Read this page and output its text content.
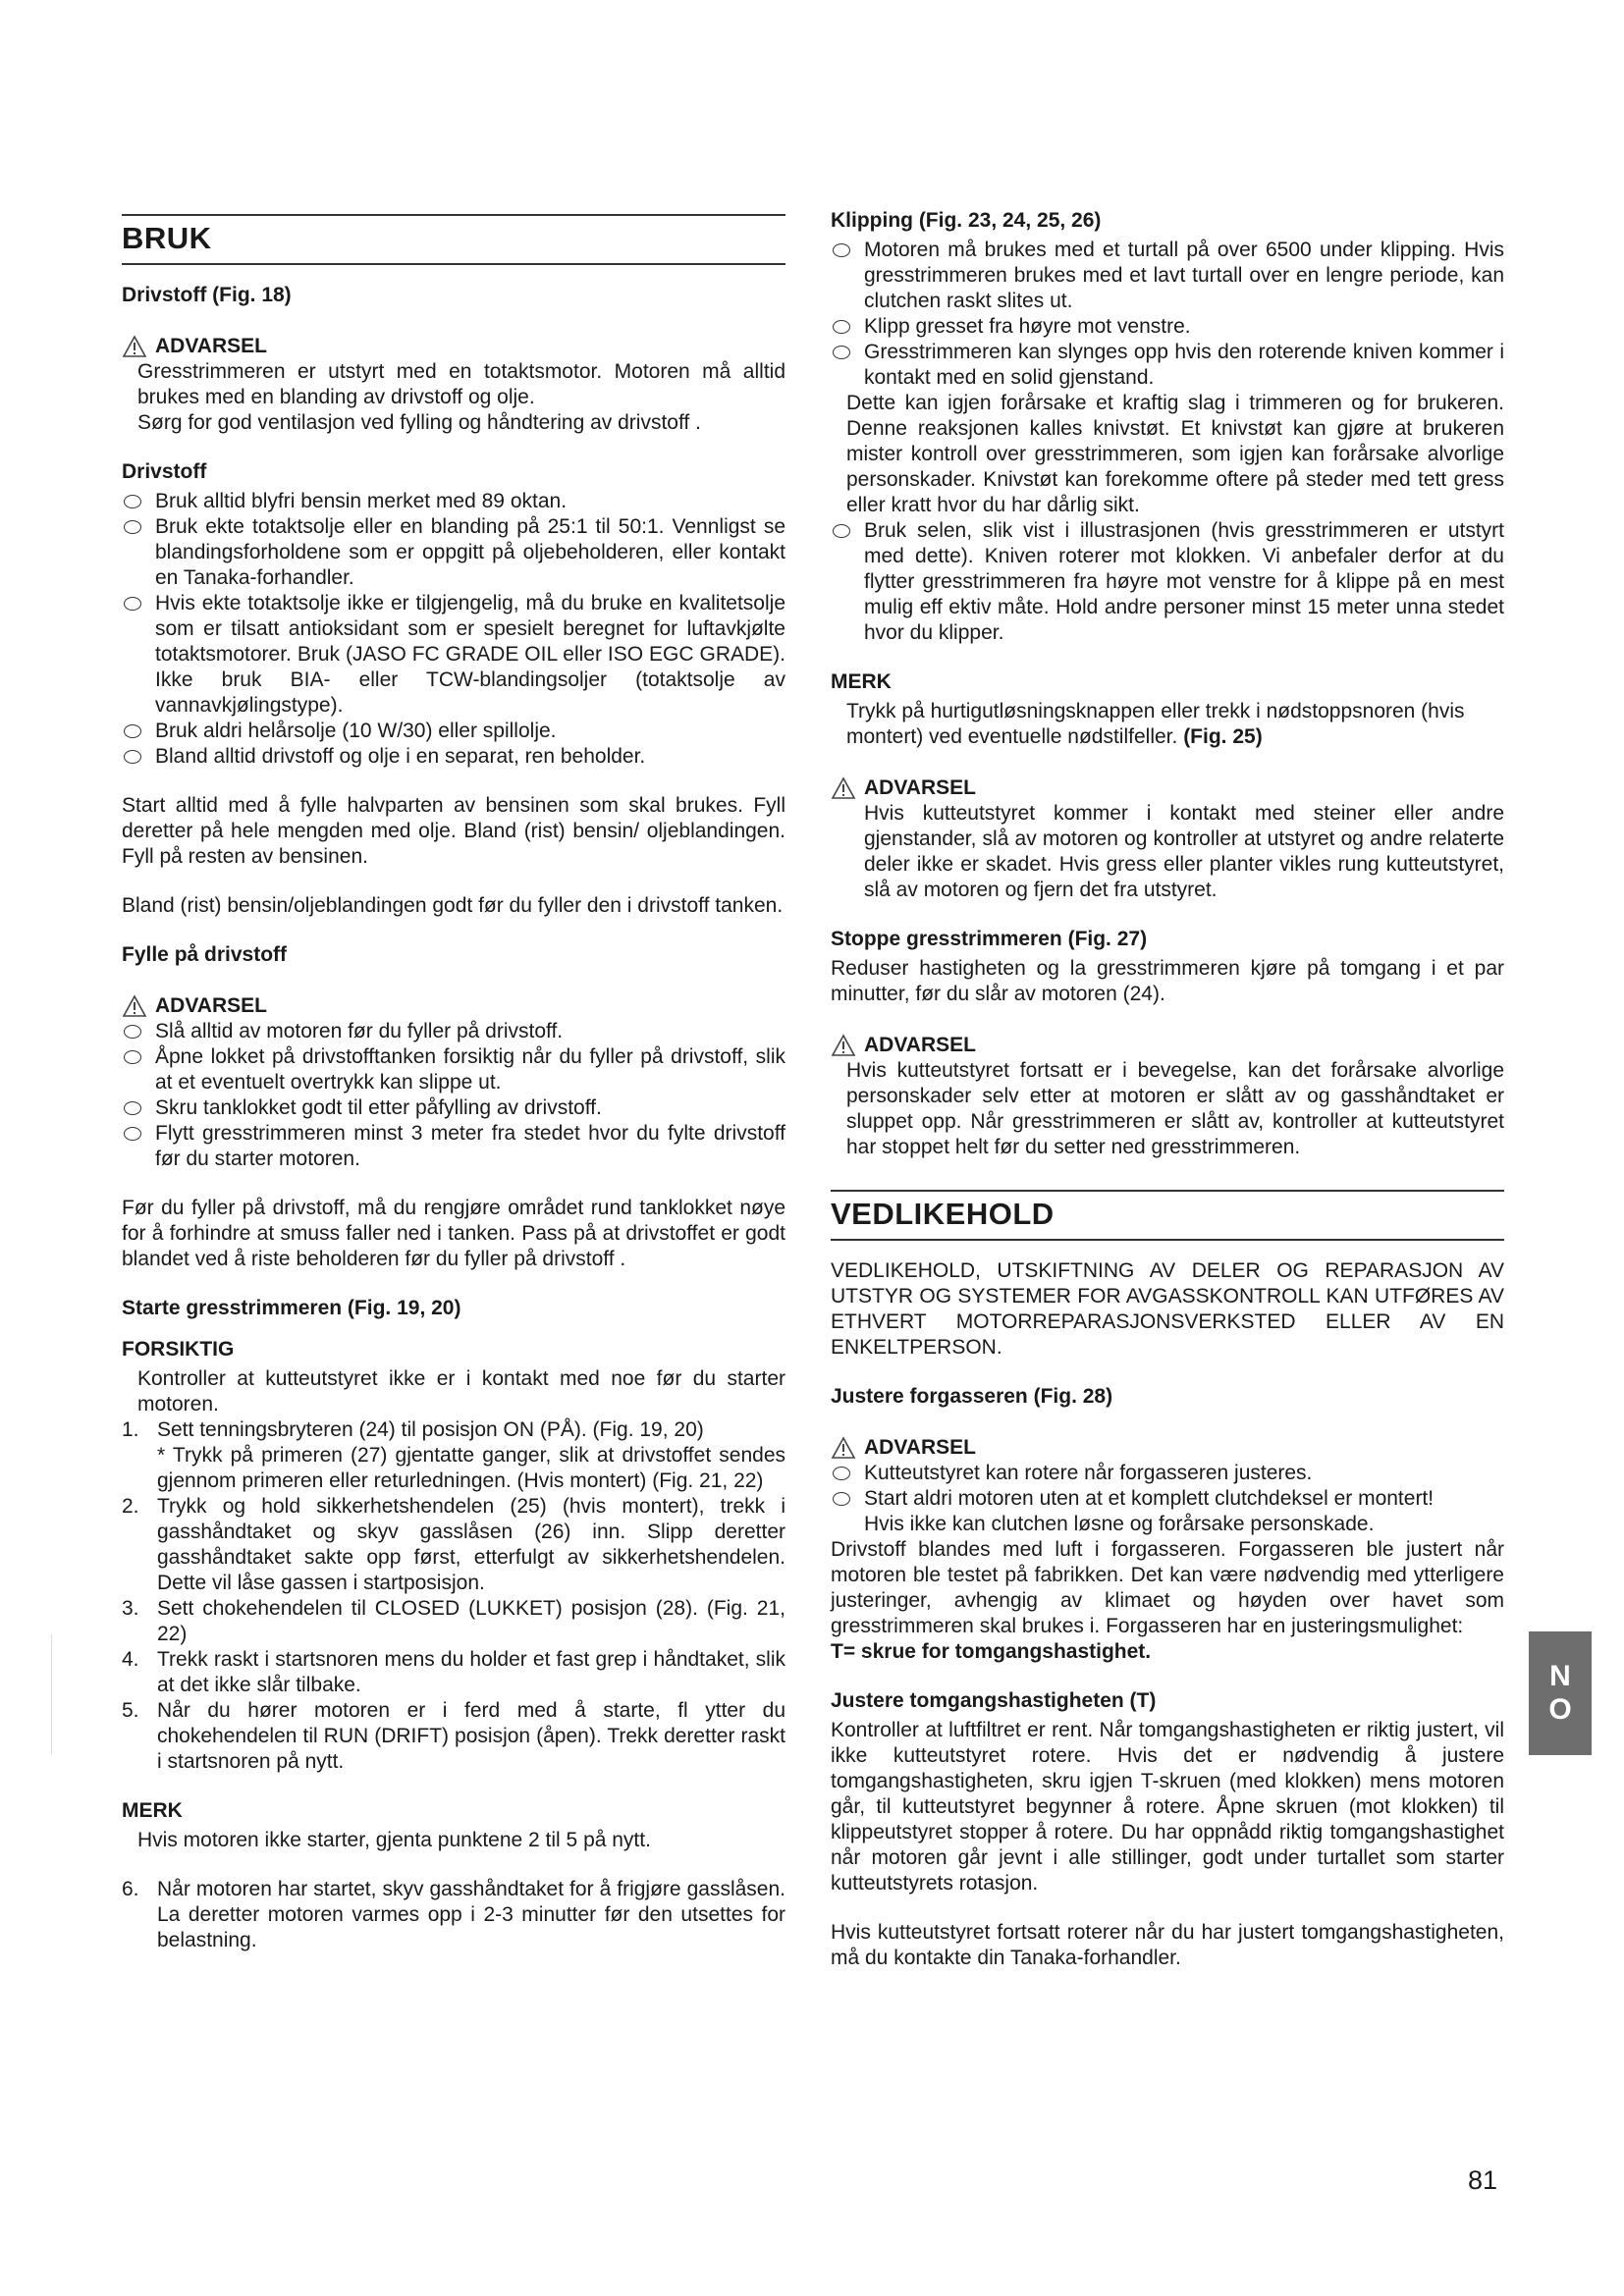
BRUK
Drivstoff (Fig. 18)
ADVARSEL

Gresstrimmeren er utstyrt med en totaktsmotor. Motoren må alltid brukes med en blanding av drivstoff og olje.

Sørg for god ventilasjon ved fylling og håndtering av drivstoff .

Drivstoff
Bruk alltid blyfri bensin merket med 89 oktan.
Bruk ekte totaktsolje eller en blanding på 25:1 til 50:1. Vennligst se blandingsforholdene som er oppgitt på oljebeholderen, eller kontakt en Tanaka-forhandler.
Hvis ekte totaktsolje ikke er tilgjengelig, må du bruke en kvalitetsolje som er tilsatt antioksidant som er spesielt beregnet for luftavkjølte totaktsmotorer. Bruk (JASO FC GRADE OIL eller ISO EGC GRADE). Ikke bruk BIA- eller TCW-blandingsoljer (totaktsolje av vannavkjølingstype).
Bruk aldri helårsolje (10 W/30) eller spillolje.
Bland alltid drivstoff og olje i en separat, ren beholder.

Start alltid med å fylle halvparten av bensinen som skal brukes. Fyll deretter på hele mengden med olje. Bland (rist) bensin/ oljeblandingen. Fyll på resten av bensinen.

Bland (rist) bensin/oljeblandingen godt før du fyller den i drivstoff tanken.

Fylle på drivstoff
ADVARSEL
Slå alltid av motoren før du fyller på drivstoff.
Åpne lokket på drivstofftanken forsiktig når du fyller på drivstoff, slik at et eventuelt overtrykk kan slippe ut.
Skru tanklokket godt til etter påfylling av drivstoff.
Flytt gresstrimmeren minst 3 meter fra stedet hvor du fylte drivstoff før du starter motoren.

Før du fyller på drivstoff, må du rengjøre området rund tanklokket nøye for å forhindre at smuss faller ned i tanken. Pass på at drivstoffet er godt blandet ved å riste beholderen før du fyller på drivstoff .

Starte gresstrimmeren (Fig. 19, 20)
FORSIKTIG

Kontroller at kutteutstyret ikke er i kontakt med noe før du starter motoren.

1. Sett tenningsbryteren (24) til posisjon ON (PÅ). (Fig. 19, 20)
* Trykk på primeren (27) gjentatte ganger, slik at drivstoffet sendes gjennom primeren eller returledningen. (Hvis montert) (Fig. 21, 22)
2. Trykk og hold sikkerhetshendelen (25) (hvis montert), trekk i gasshåndtaket og skyv gasslåsen (26) inn. Slipp deretter gasshåndtaket sakte opp først, etterfulgt av sikkerhetshendelen. Dette vil låse gassen i startposisjon.
3. Sett chokehendelen til CLOSED (LUKKET) posisjon (28). (Fig. 21, 22)
4. Trekk raskt i startsnoren mens du holder et fast grep i håndtaket, slik at det ikke slår tilbake.
5. Når du hører motoren er i ferd med å starte, fl ytter du chokehendelen til RUN (DRIFT) posisjon (åpen). Trekk deretter raskt i startsnoren på nytt.
MERK

Hvis motoren ikke starter, gjenta punktene 2 til 5 på nytt.

6. Når motoren har startet, skyv gasshåndtaket for å frigjøre gasslåsen. La deretter motoren varmes opp i 2-3 minutter før den utsettes for belastning.
Klipping (Fig. 23, 24, 25, 26)
Motoren må brukes med et turtall på over 6500 under klipping. Hvis gresstrimmeren brukes med et lavt turtall over en lengre periode, kan clutchen raskt slites ut.
Klipp gresset fra høyre mot venstre.
Gresstrimmeren kan slynges opp hvis den roterende kniven kommer i kontakt med en solid gjenstand.

Dette kan igjen forårsake et kraftig slag i trimmeren og for brukeren. Denne reaksjonen kalles knivstøt. Et knivstøt kan gjøre at brukeren mister kontroll over gresstrimmeren, som igjen kan forårsake alvorlige personskader. Knivstøt kan forekomme oftere på steder med tett gress eller kratt hvor du har dårlig sikt.

Bruk selen, slik vist i illustrasjonen (hvis gresstrimmeren er utstyrt med dette). Kniven roterer mot klokken. Vi anbefaler derfor at du flytter gresstrimmeren fra høyre mot venstre for å klippe på en mest mulig eff ektiv måte. Hold andre personer minst 15 meter unna stedet hvor du klipper.
MERK

Trykk på hurtigutløsningsknappen eller trekk i nødstoppsnoren (hvis montert) ved eventuelle nødstilfeller. (Fig. 25)

ADVARSEL

Hvis kutteutstyret kommer i kontakt med steiner eller andre gjenstander, slå av motoren og kontroller at utstyret og andre relaterte deler ikke er skadet. Hvis gress eller planter vikles rung kutteutstyret, slå av motoren og fjern det fra utstyret.

Stoppe gresstrimmeren (Fig. 27)

Reduser hastigheten og la gresstrimmeren kjøre på tomgang i et par minutter, før du slår av motoren (24).

ADVARSEL

Hvis kutteutstyret fortsatt er i bevegelse, kan det forårsake alvorlige personskader selv etter at motoren er slått av og gasshåndtaket er sluppet opp. Når gresstrimmeren er slått av, kontroller at kutteutstyret har stoppet helt før du setter ned gresstrimmeren.

VEDLIKEHOLD

VEDLIKEHOLD, UTSKIFTNING AV DELER OG REPARASJON AV UTSTYR OG SYSTEMER FOR AVGASSKONTROLL KAN UTFØRES AV ETHVERT MOTORREPARASJONSVERKSTED ELLER AV EN ENKELTPERSON.

Justere forgasseren (Fig. 28)
ADVARSEL
Kutteutstyret kan rotere når forgasseren justeres.
Start aldri motoren uten at et komplett clutchdeksel er montert!

Hvis ikke kan clutchen løsne og forårsake personskade.

Drivstoff blandes med luft i forgasseren. Forgasseren ble justert når motoren ble testet på fabrikken. Det kan være nødvendig med ytterligere justeringer, avhengig av klimaet og høyden over havet som gresstrimmeren skal brukes i. Forgasseren har en justeringsmulighet:

T= skrue for tomgangshastighet.

Justere tomgangshastigheten (T)

Kontroller at luftfiltret er rent. Når tomgangshastigheten er riktig justert, vil ikke kutteutstyret rotere. Hvis det er nødvendig å justere tomgangshastigheten, skru igjen T-skruen (med klokken) mens motoren går, til kutteutstyret begynner å rotere. Åpne skruen (mot klokken) til klippeutstyret stopper å rotere. Du har oppnådd riktig tomgangshastighet når motoren går jevnt i alle stillinger, godt under turtallet som starter kutteutstyrets rotasjon.

Hvis kutteutstyret fortsatt roterer når du har justert tomgangshastigheten, må du kontakte din Tanaka-forhandler.

N
O
81
